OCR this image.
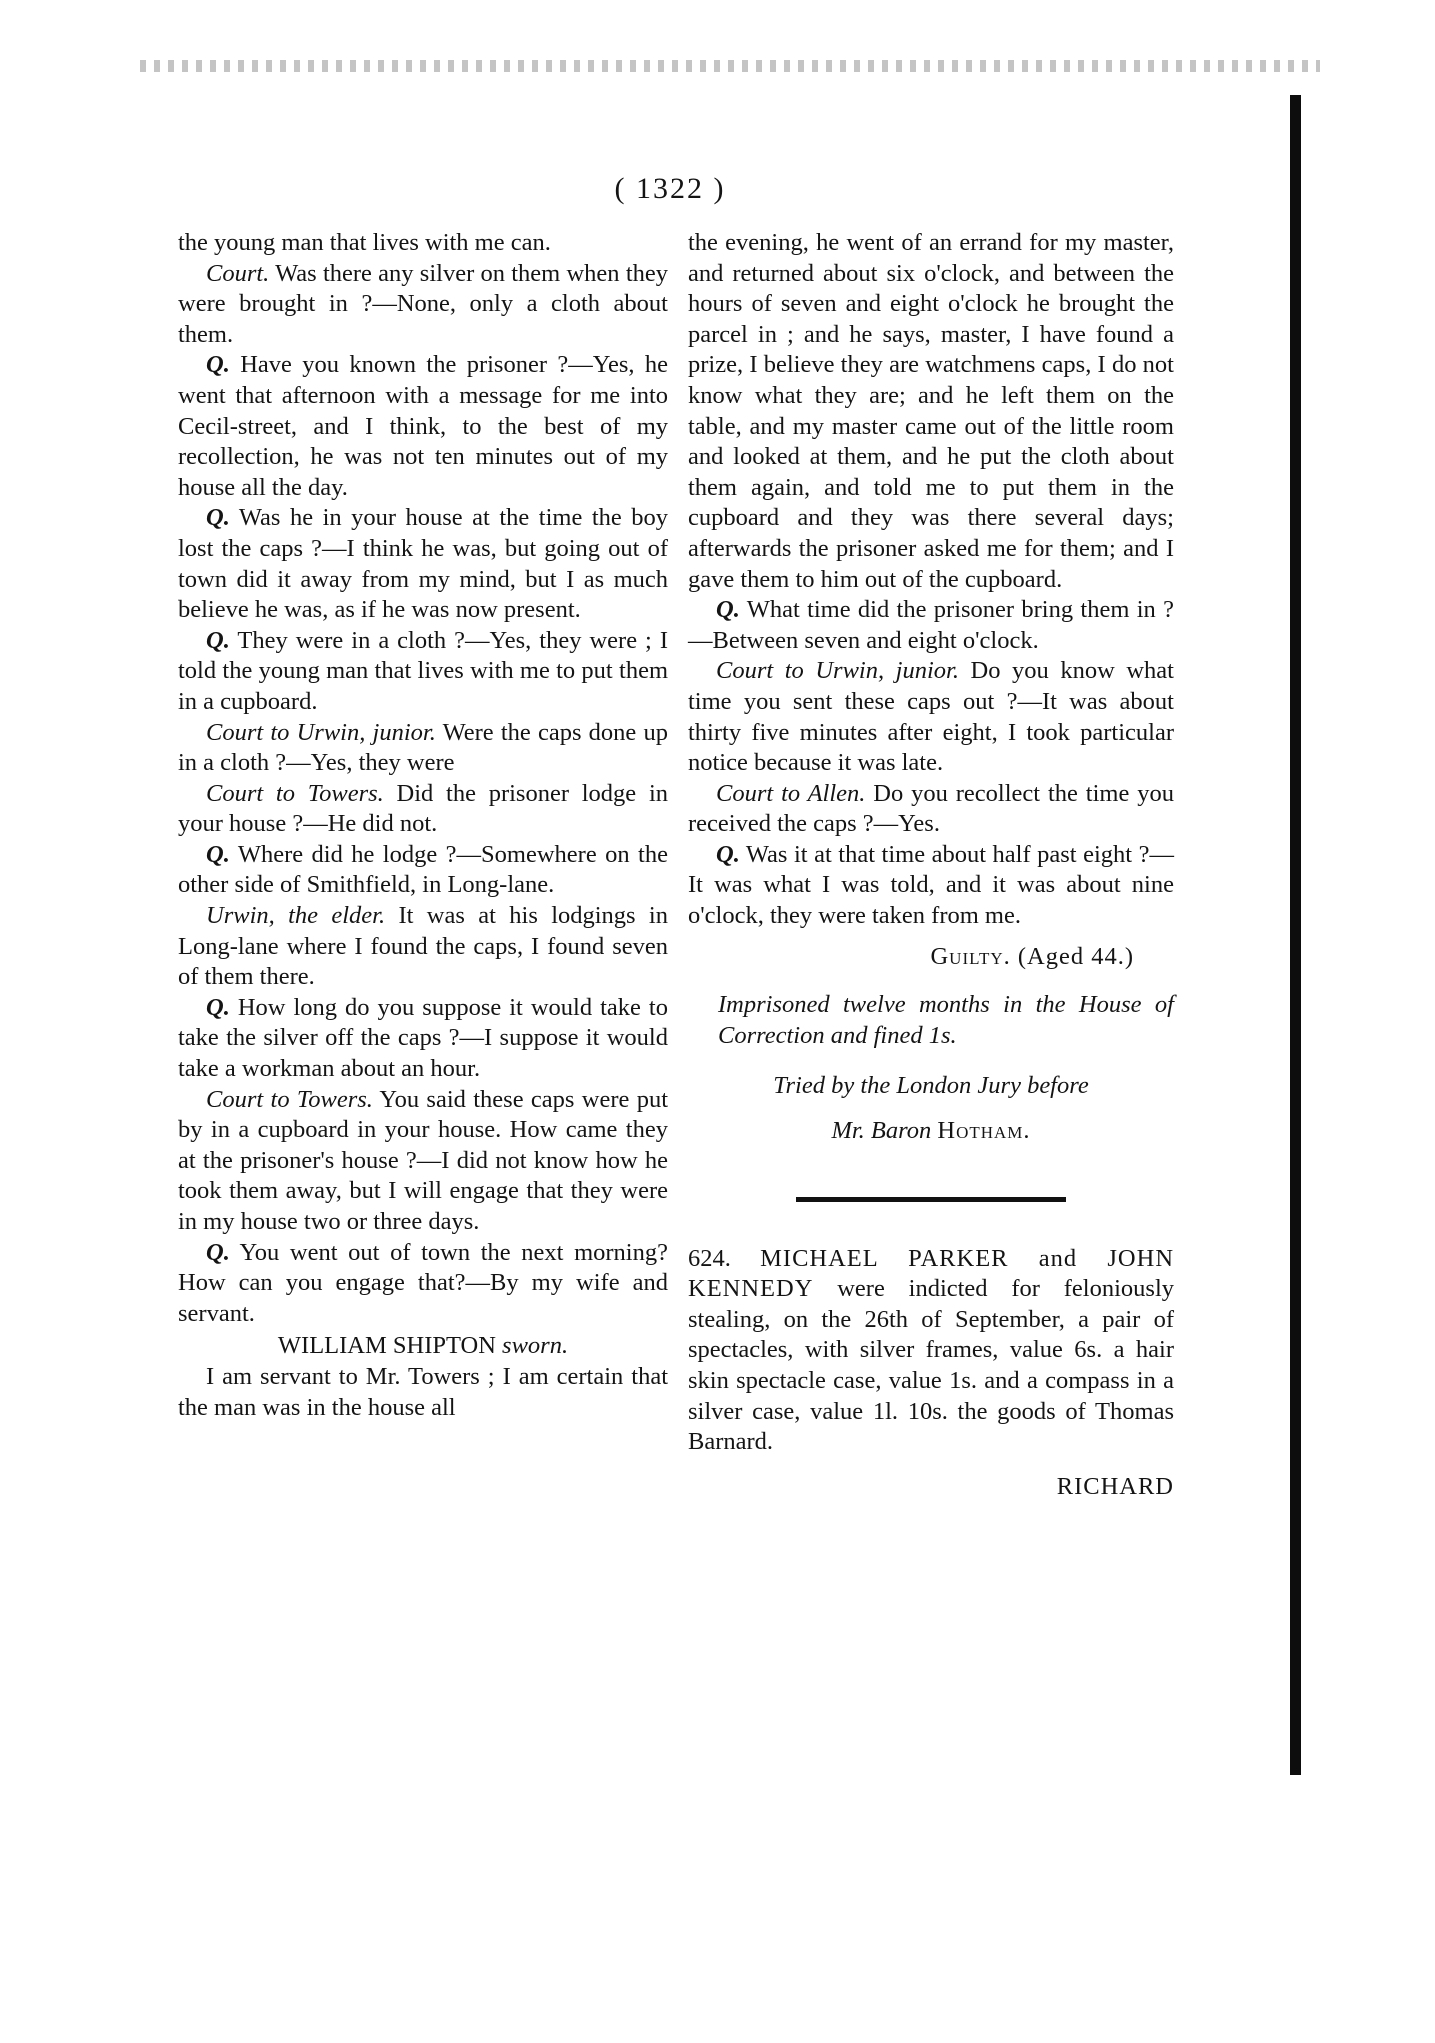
( 1322 )

the young man that lives with me can.

Court. Was there any silver on them when they were brought in ?—None, only a cloth about them.

Q. Have you known the prisoner ?—Yes, he went that afternoon with a message for me into Cecil-street, and I think, to the best of my recollection, he was not ten minutes out of my house all the day.

Q. Was he in your house at the time the boy lost the caps ?—I think he was, but going out of town did it away from my mind, but I as much believe he was, as if he was now present.

Q. They were in a cloth ?—Yes, they were ; I told the young man that lives with me to put them in a cupboard.

Court to Urwin, junior. Were the caps done up in a cloth ?—Yes, they were

Court to Towers. Did the prisoner lodge in your house ?—He did not.

Q. Where did he lodge ?—Somewhere on the other side of Smithfield, in Long-lane.

Urwin, the elder. It was at his lodgings in Long-lane where I found the caps, I found seven of them there.

Q. How long do you suppose it would take to take the silver off the caps ?—I suppose it would take a workman about an hour.

Court to Towers. You said these caps were put by in a cupboard in your house. How came they at the prisoner's house ?—I did not know how he took them away, but I will engage that they were in my house two or three days.

Q. You went out of town the next morning? How can you engage that?—By my wife and servant.

WILLIAM SHIPTON sworn.

I am servant to Mr. Towers ; I am certain that the man was in the house all

the evening, he went of an errand for my master, and returned about six o'clock, and between the hours of seven and eight o'clock he brought the parcel in ; and he says, master, I have found a prize, I believe they are watchmens caps, I do not know what they are; and he left them on the table, and my master came out of the little room and looked at them, and he put the cloth about them again, and told me to put them in the cupboard and they was there several days; afterwards the prisoner asked me for them; and I gave them to him out of the cupboard.

Q. What time did the prisoner bring them in ?—Between seven and eight o'clock.

Court to Urwin, junior. Do you know what time you sent these caps out ?—It was about thirty five minutes after eight, I took particular notice because it was late.

Court to Allen. Do you recollect the time you received the caps ?—Yes.

Q. Was it at that time about half past eight ?—It was what I was told, and it was about nine o'clock, they were taken from me.

Guilty. (Aged 44.)

Imprisoned twelve months in the House of Correction and fined 1s.

Tried by the London Jury before

Mr. Baron Hotham.

624. MICHAEL PARKER and JOHN KENNEDY were indicted for feloniously stealing, on the 26th of September, a pair of spectacles, with silver frames, value 6s. a hair skin spectacle case, value 1s. and a compass in a silver case, value 1l. 10s. the goods of Thomas Barnard.

RICHARD
